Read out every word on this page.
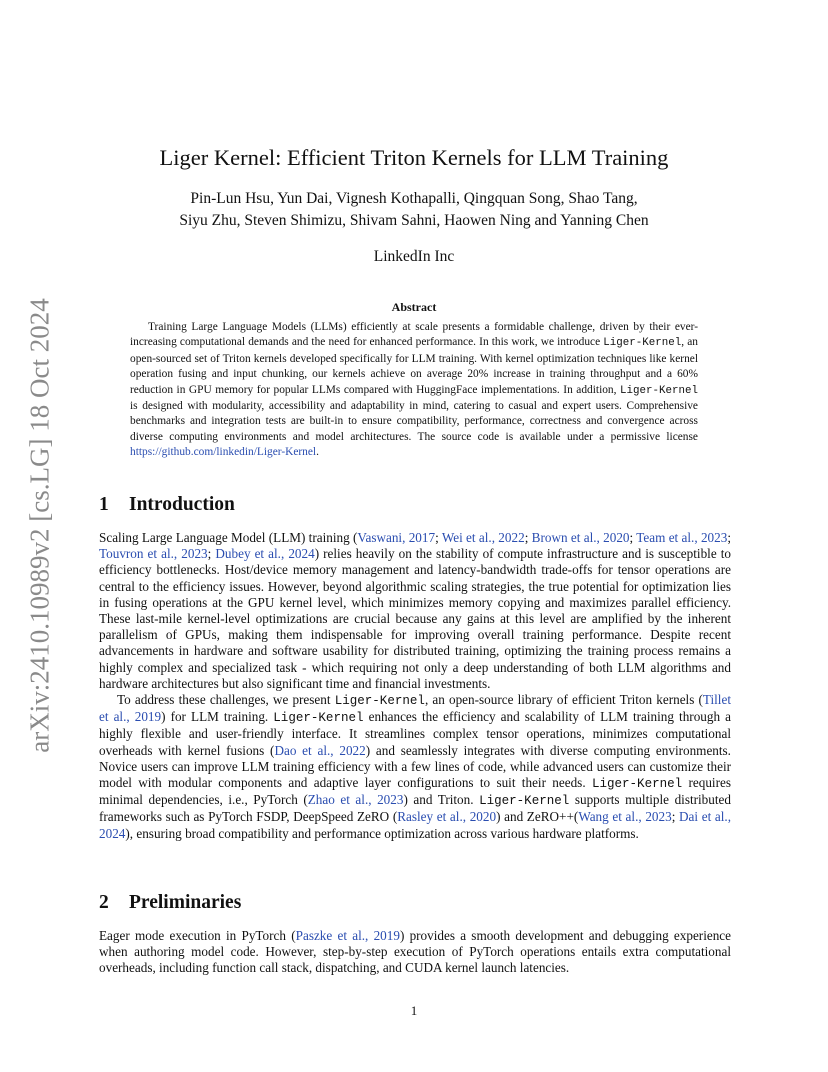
arXiv:2410.10989v2 [cs.LG] 18 Oct 2024
Liger Kernel: Efficient Triton Kernels for LLM Training
Pin-Lun Hsu, Yun Dai, Vignesh Kothapalli, Qingquan Song, Shao Tang,
Siyu Zhu, Steven Shimizu, Shivam Sahni, Haowen Ning and Yanning Chen
LinkedIn Inc
Abstract

Training Large Language Models (LLMs) efficiently at scale presents a formidable challenge, driven by their ever-increasing computational demands and the need for enhanced performance. In this work, we introduce Liger-Kernel, an open-sourced set of Triton kernels developed specifically for LLM training. With kernel optimization techniques like kernel operation fusing and input chunking, our kernels achieve on average 20% increase in training throughput and a 60% reduction in GPU memory for popular LLMs compared with HuggingFace implementations. In addition, Liger-Kernel is designed with modularity, accessibility and adaptability in mind, catering to casual and expert users. Comprehensive benchmarks and integration tests are built-in to ensure compatibility, performance, correctness and convergence across diverse computing environments and model architectures. The source code is available under a permissive license https://github.com/linkedin/Liger-Kernel.

1 Introduction

Scaling Large Language Model (LLM) training (Vaswani, 2017; Wei et al., 2022; Brown et al., 2020; Team et al., 2023; Touvron et al., 2023; Dubey et al., 2024) relies heavily on the stability of compute infrastructure and is susceptible to efficiency bottlenecks. Host/device memory management and latency-bandwidth trade-offs for tensor operations are central to the efficiency issues. However, beyond algorithmic scaling strategies, the true potential for optimization lies in fusing operations at the GPU kernel level, which minimizes memory copying and maximizes parallel efficiency. These last-mile kernel-level optimizations are crucial because any gains at this level are amplified by the inherent parallelism of GPUs, making them indispensable for improving overall training performance. Despite recent advancements in hardware and software usability for distributed training, optimizing the training process remains a highly complex and specialized task - which requiring not only a deep understanding of both LLM algorithms and hardware architectures but also significant time and financial investments.

To address these challenges, we present Liger-Kernel, an open-source library of efficient Triton kernels (Tillet et al., 2019) for LLM training. Liger-Kernel enhances the efficiency and scalability of LLM training through a highly flexible and user-friendly interface. It streamlines complex tensor operations, minimizes computational overheads with kernel fusions (Dao et al., 2022) and seamlessly integrates with diverse computing environments. Novice users can improve LLM training efficiency with a few lines of code, while advanced users can customize their model with modular components and adaptive layer configurations to suit their needs. Liger-Kernel requires minimal dependencies, i.e., PyTorch (Zhao et al., 2023) and Triton. Liger-Kernel supports multiple distributed frameworks such as PyTorch FSDP, DeepSpeed ZeRO (Rasley et al., 2020) and ZeRO++(Wang et al., 2023; Dai et al., 2024), ensuring broad compatibility and performance optimization across various hardware platforms.

2 Preliminaries

Eager mode execution in PyTorch (Paszke et al., 2019) provides a smooth development and debugging experience when authoring model code. However, step-by-step execution of PyTorch operations entails extra computational overheads, including function call stack, dispatching, and CUDA kernel launch latencies.

1
